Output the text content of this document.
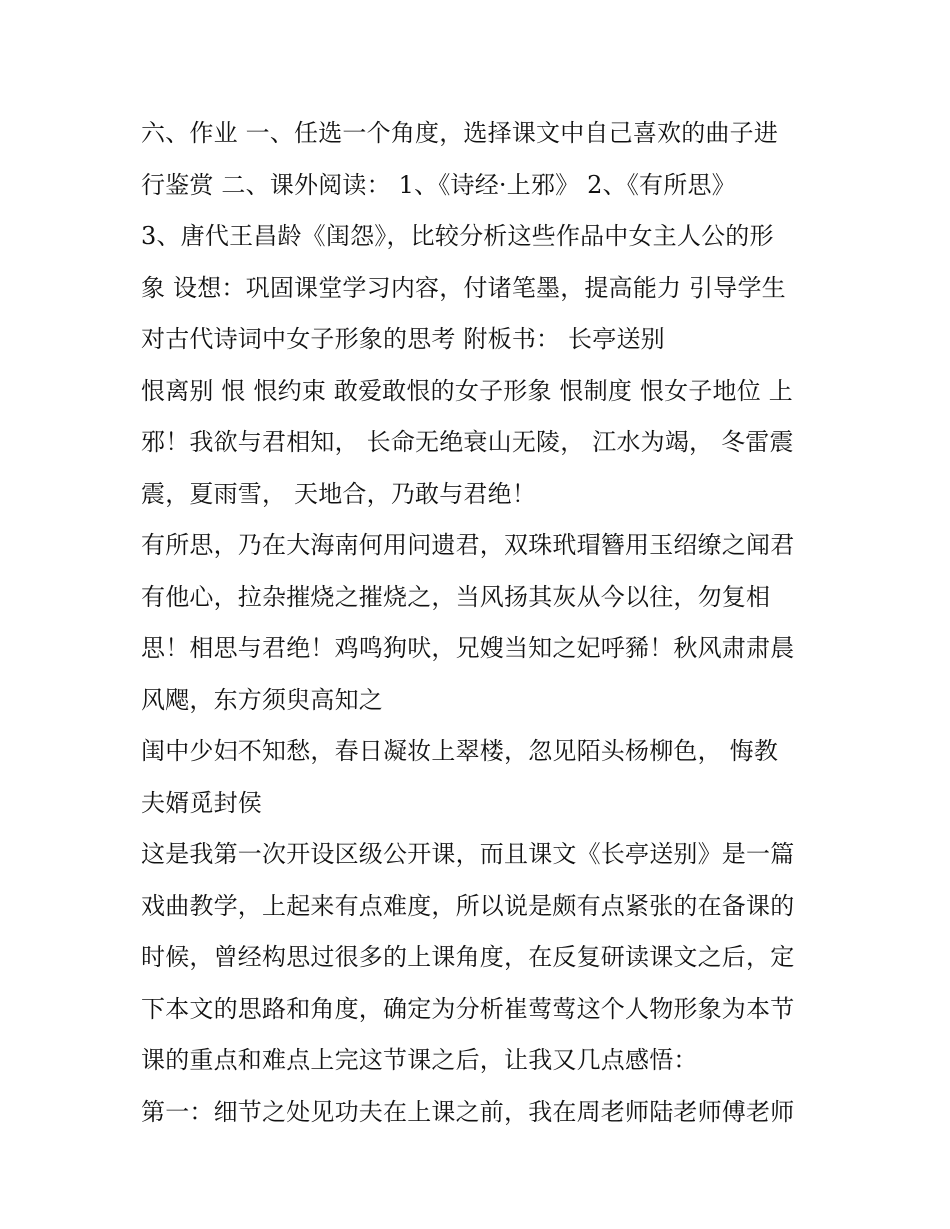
六、作业 一、任选一个角度，选择课文中自己喜欢的曲子进
行鉴赏 二、课外阅读： 1、《诗经·上邪》 2、《有所思》
3、唐代王昌龄《闺怨》，比较分析这些作品中女主人公的形
象 设想：巩固课堂学习内容，付诸笔墨，提高能力 引导学生
对古代诗词中女子形象的思考 附板书： 长亭送别
恨离别 恨 恨约束 敢爱敢恨的女子形象 恨制度 恨女子地位 上
邪！我欲与君相知， 长命无绝衰山无陵， 江水为竭， 冬雷震
震，夏雨雪， 天地合，乃敢与君绝！
有所思，乃在大海南何用问遗君，双珠玳瑁簪用玉绍缭之闻君
有他心，拉杂摧烧之摧烧之，当风扬其灰从今以往，勿复相
思！相思与君绝！鸡鸣狗吠，兄嫂当知之妃呼豨！秋风肃肃晨
风飔，东方须臾高知之
闺中少妇不知愁，春日凝妆上翠楼，忽见陌头杨柳色， 悔教
夫婿觅封侯
这是我第一次开设区级公开课，而且课文《长亭送别》是一篇
戏曲教学，上起来有点难度，所以说是颇有点紧张的在备课的
时候，曾经构思过很多的上课角度，在反复研读课文之后，定
下本文的思路和角度，确定为分析崔莺莺这个人物形象为本节
课的重点和难点上完这节课之后，让我又几点感悟：
第一：细节之处见功夫在上课之前，我在周老师陆老师傅老师
